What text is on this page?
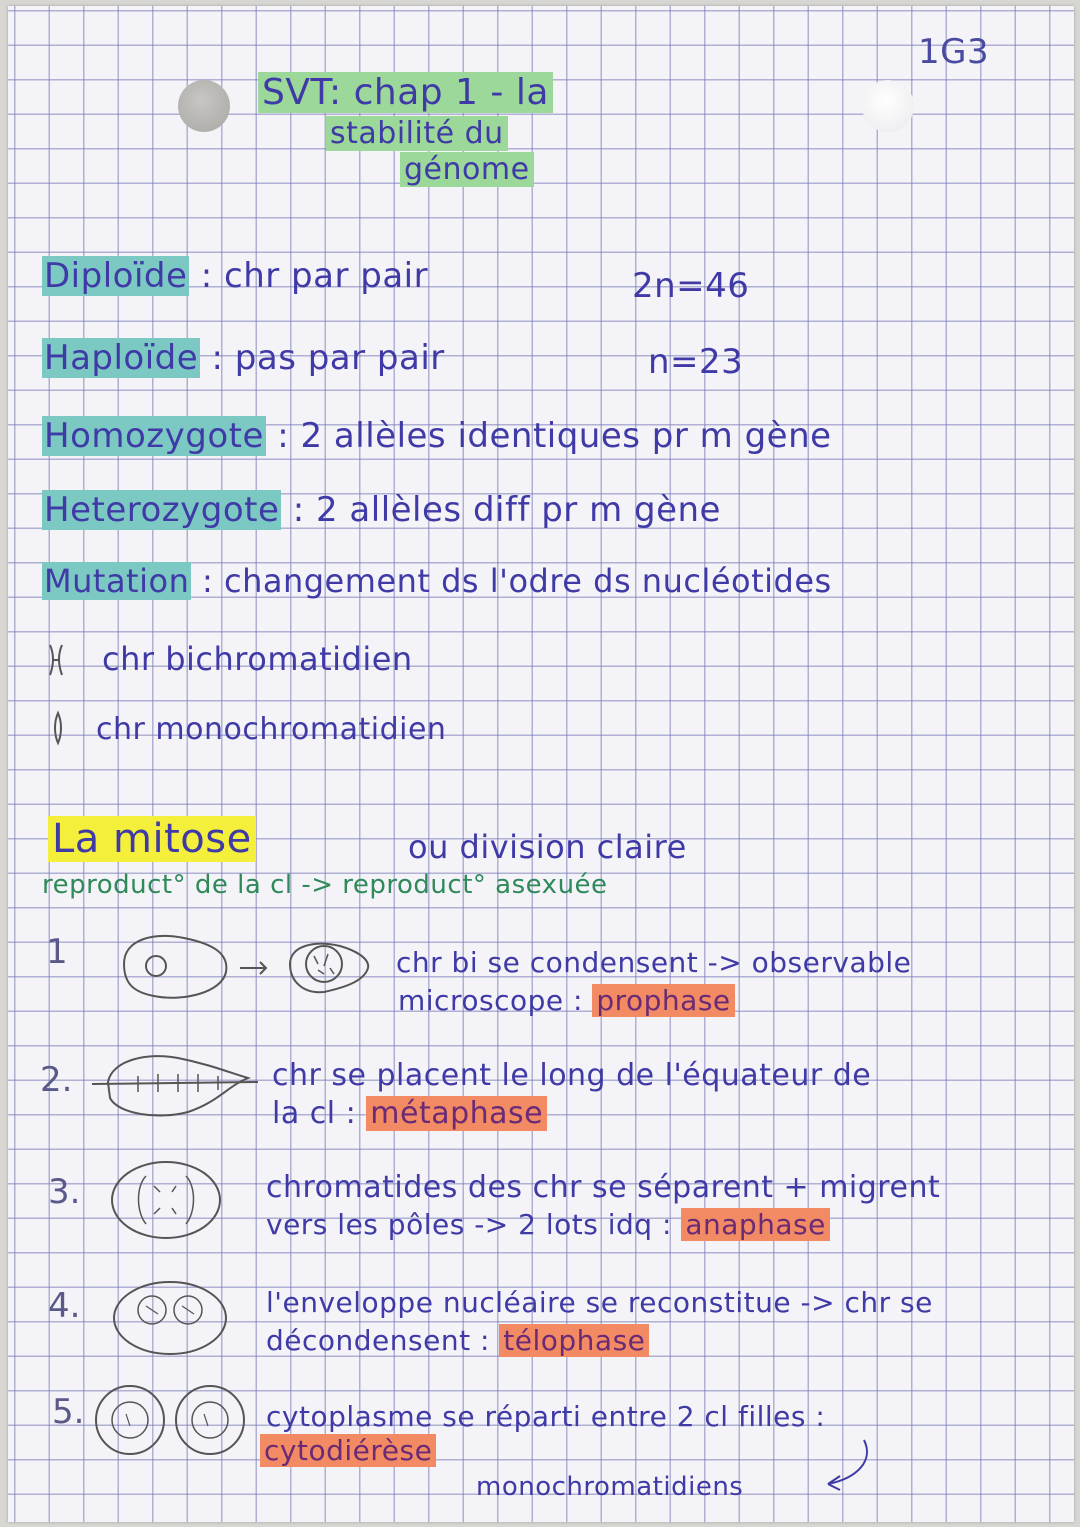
1G3
SVT: chap 1 - la
stabilité du
génome
Diploïde : chr par pair	2n=46
Haploïde : pas par pair	n=23
Homozygote : 2 allèles identiques pr m gène
Heterozygote : 2 allèles diff pr m gène
Mutation : changement ds l'odre ds nucléotides
chr bichromatidien
chr monochromatidien
La mitose	ou division claire
reproduct° de la cl -> reproduct° asexuée
1	chr bi se condensent -> observable
microscope : prophase
2.	chr se placent le long de l'équateur de
la cl : métaphase
3.	chromatides des chr se séparent + migrent
vers les pôles -> 2 lots idq : anaphase
4.	l'enveloppe nucléaire se reconstitue -> chr se
décondensent : télophase
5.	cytoplasme se réparti entre 2 cl filles :
cytodiérèse
monochromatidiens
